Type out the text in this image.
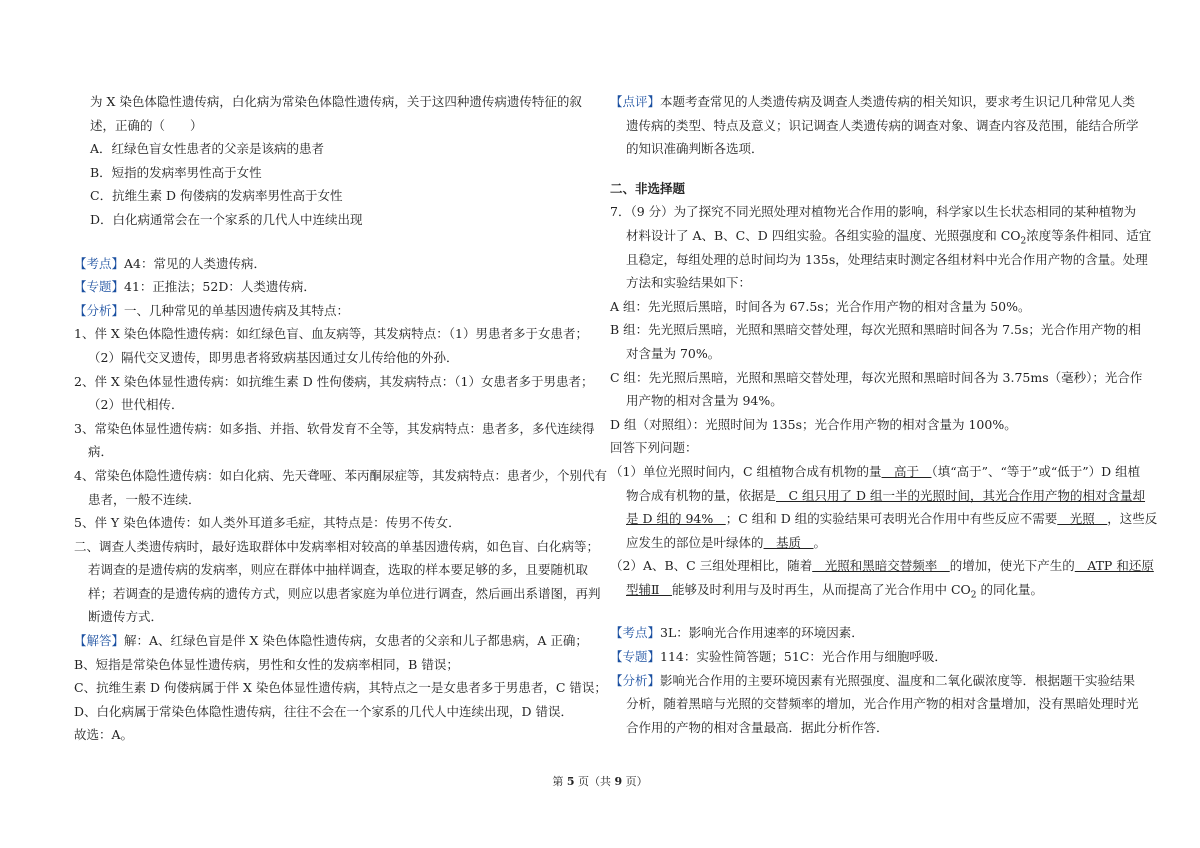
为 X 染色体隐性遗传病，白化病为常染色体隐性遗传病，关于这四种遗传病遗传特征的叙
述，正确的（　　）
A．红绿色盲女性患者的父亲是该病的患者
B．短指的发病率男性高于女性
C．抗维生素 D 佝偻病的发病率男性高于女性
D．白化病通常会在一个家系的几代人中连续出现
【考点】A4：常见的人类遗传病．
【专题】41：正推法；52D：人类遗传病．
【分析】一、几种常见的单基因遗传病及其特点：
1、伴 X 染色体隐性遗传病：如红绿色盲、血友病等，其发病特点：（1）男患者多于女患者；
（2）隔代交叉遗传，即男患者将致病基因通过女儿传给他的外孙．
2、伴 X 染色体显性遗传病：如抗维生素 D 性佝偻病，其发病特点：（1）女患者多于男患者；
（2）世代相传．
3、常染色体显性遗传病：如多指、并指、软骨发育不全等，其发病特点：患者多，多代连续得
病．
4、常染色体隐性遗传病：如白化病、先天聋哑、苯丙酮尿症等，其发病特点：患者少，个别代有
患者，一般不连续．
5、伴 Y 染色体遗传：如人类外耳道多毛症，其特点是：传男不传女．
二、调查人类遗传病时，最好选取群体中发病率相对较高的单基因遗传病，如色盲、白化病等；
若调查的是遗传病的发病率，则应在群体中抽样调查，选取的样本要足够的多，且要随机取
样；若调查的是遗传病的遗传方式，则应以患者家庭为单位进行调查，然后画出系谱图，再判
断遗传方式．
【解答】解：A、红绿色盲是伴 X 染色体隐性遗传病，女患者的父亲和儿子都患病，A 正确；
B、短指是常染色体显性遗传病，男性和女性的发病率相同，B 错误；
C、抗维生素 D 佝偻病属于伴 X 染色体显性遗传病，其特点之一是女患者多于男患者，C 错误；
D、白化病属于常染色体隐性遗传病，往往不会在一个家系的几代人中连续出现，D 错误．
故选：A。
【点评】本题考查常见的人类遗传病及调查人类遗传病的相关知识，要求考生识记几种常见人类
遗传病的类型、特点及意义；识记调查人类遗传病的调查对象、调查内容及范围，能结合所学
的知识准确判断各选项．
二、非选择题
7．（9 分）为了探究不同光照处理对植物光合作用的影响，科学家以生长状态相同的某种植物为
材料设计了 A、B、C、D 四组实验。各组实验的温度、光照强度和 $CO_2$浓度等条件相同、适宜
且稳定，每组处理的总时间均为 135s，处理结束时测定各组材料中光合作用产物的含量。处理
方法和实验结果如下：
A 组：先光照后黑暗，时间各为 67.5s；光合作用产物的相对含量为 50%。
B 组：先光照后黑暗，光照和黑暗交替处理，每次光照和黑暗时间各为 7.5s；光合作用产物的相
对含量为 70%。
C 组：先光照后黑暗，光照和黑暗交替处理，每次光照和黑暗时间各为 3.75ms（毫秒）；光合作
用产物的相对含量为 94%。
D 组（对照组）：光照时间为 135s；光合作用产物的相对含量为 100%。
回答下列问题：
（1）单位光照时间内，C 组植物合成有机物的量　高于　（填“高于”、“等于”或“低于”）D 组植
物合成有机物的量，依据是　C 组只用了 D 组一半的光照时间，其光合作用产物的相对含量却
是 D 组的 94%　；C 组和 D 组的实验结果可表明光合作用中有些反应不需要　光照　，这些反
应发生的部位是叶绿体的　基质　。
（2）A、B、C 三组处理相比，随着　光照和黑暗交替频率　的增加，使光下产生的　ATP 和还原
型辅Ⅱ　能够及时利用与及时再生，从而提高了光合作用中 $CO_2$ 的同化量。
【考点】3L：影响光合作用速率的环境因素．
【专题】114：实验性简答题；51C：光合作用与细胞呼吸．
【分析】影响光合作用的主要环境因素有光照强度、温度和二氧化碳浓度等．根据题干实验结果
分析，随着黑暗与光照的交替频率的增加，光合作用产物的相对含量增加，没有黑暗处理时光
合作用的产物的相对含量最高．据此分析作答．
第 5 页（共 9 页）
